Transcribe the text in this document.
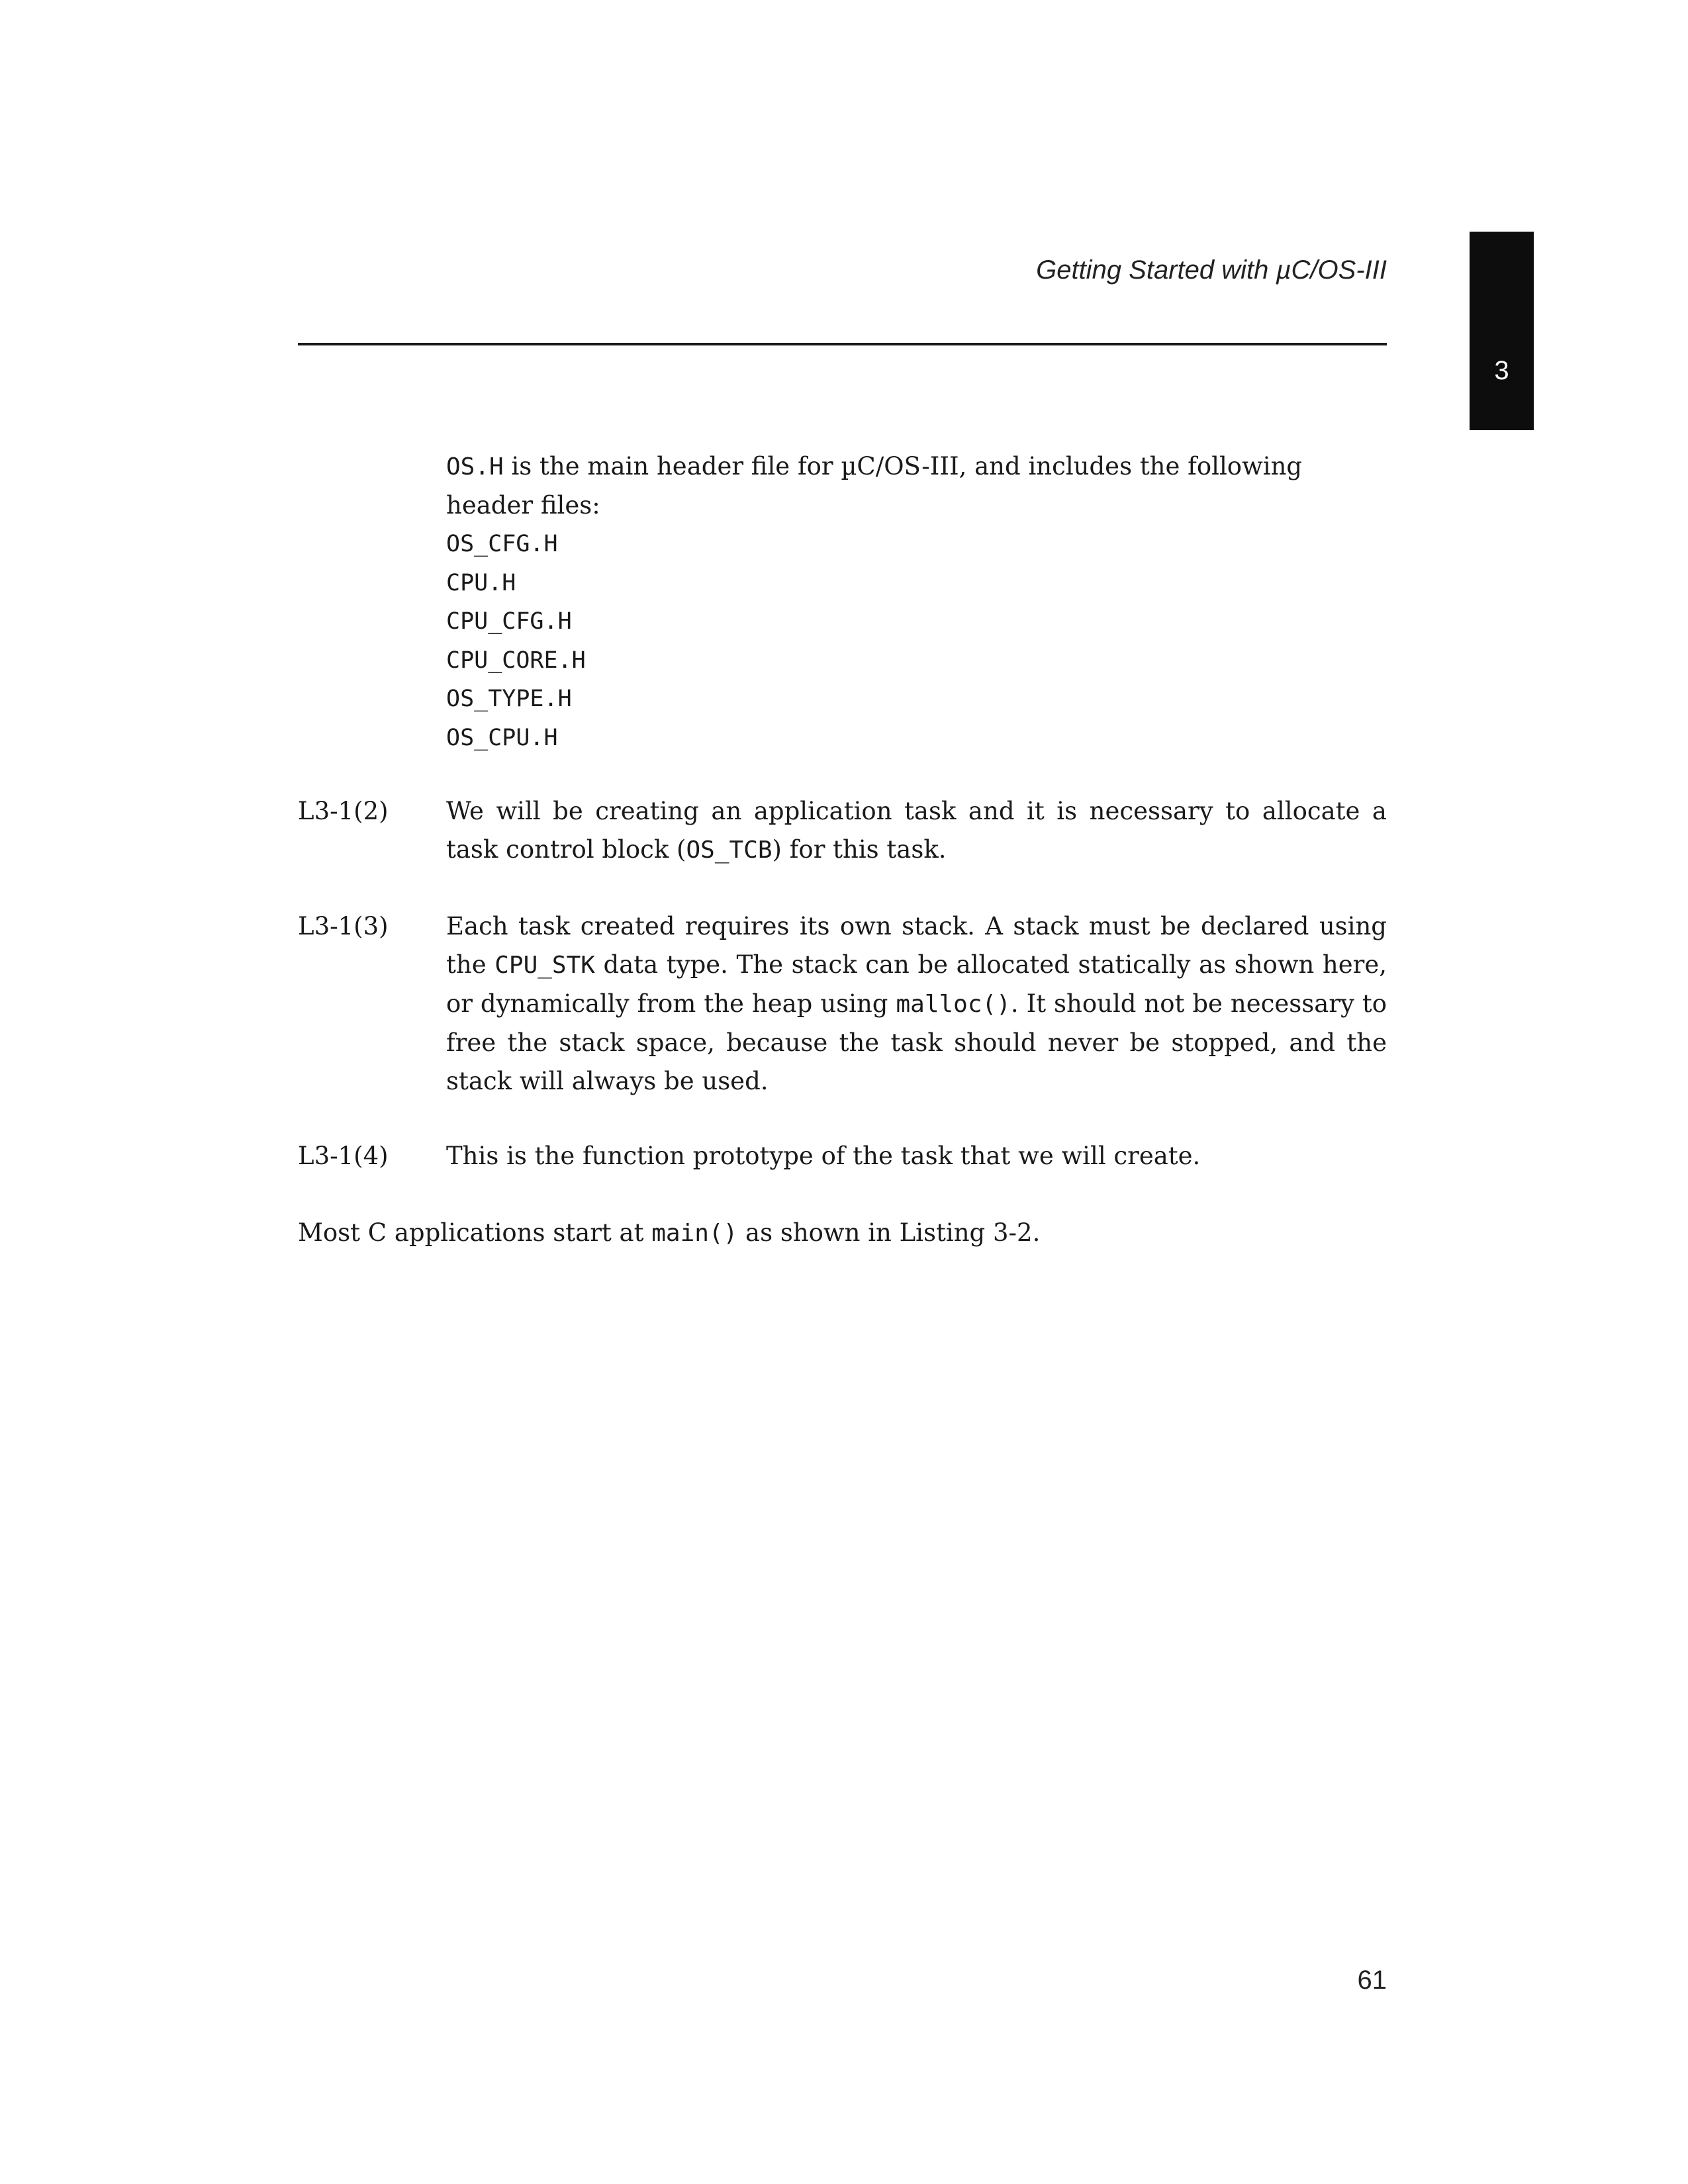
Getting Started with µC/OS-III
3
OS.H is the main header file for µC/OS-III, and includes the following header files:
OS_CFG.H
CPU.H
CPU_CFG.H
CPU_CORE.H
OS_TYPE.H
OS_CPU.H
L3-1(2) We will be creating an application task and it is necessary to allocate a task control block (OS_TCB) for this task.
L3-1(3) Each task created requires its own stack. A stack must be declared using the CPU_STK data type. The stack can be allocated statically as shown here, or dynamically from the heap using malloc(). It should not be necessary to free the stack space, because the task should never be stopped, and the stack will always be used.
L3-1(4) This is the function prototype of the task that we will create.
Most C applications start at main() as shown in Listing 3-2.
61
